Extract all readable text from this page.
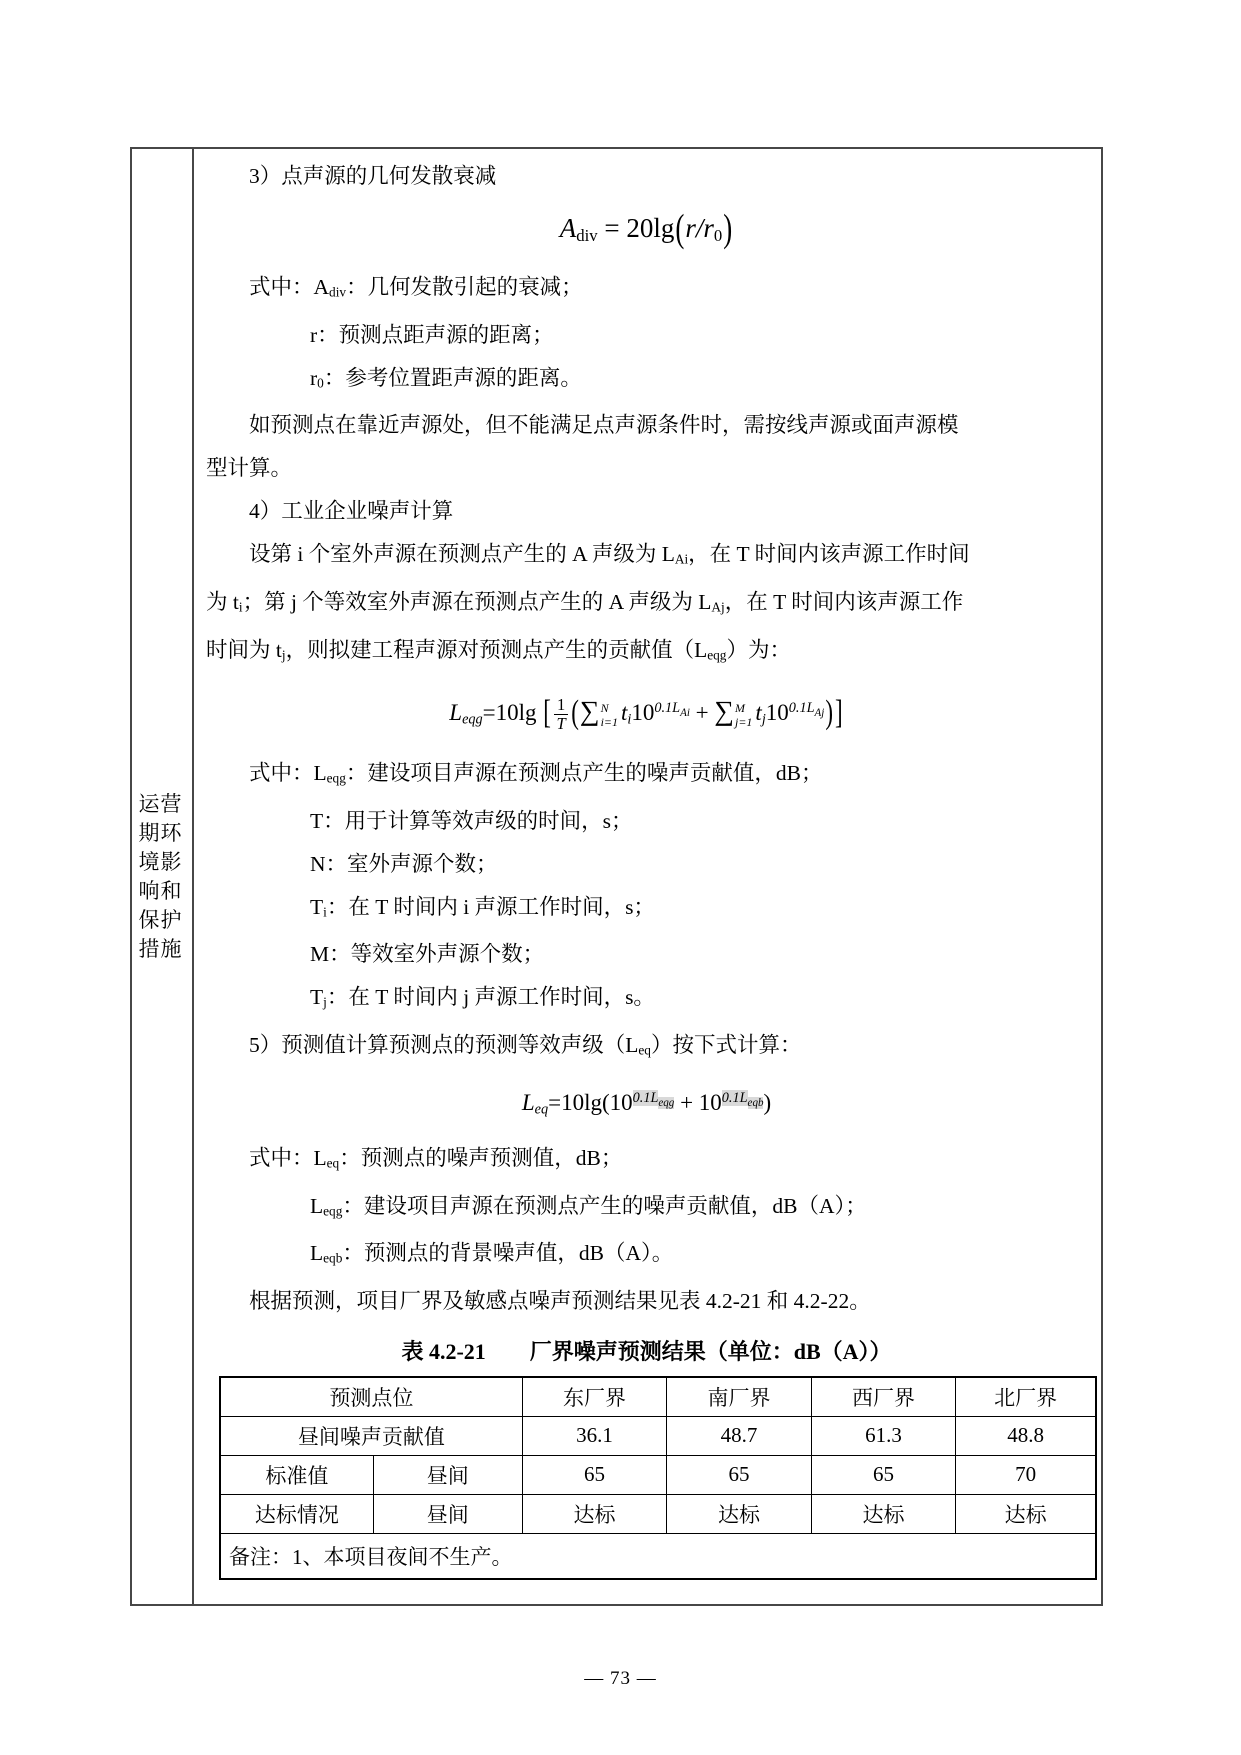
运营期环境影响和保护措施
3）点声源的几何发散衰减
Adiv = 20lg(r/r0)
式中：$A_{div}$：几何发散引起的衰减；
r：预测点距声源的距离；
$r_0$：参考位置距声源的距离。
如预测点在靠近声源处，但不能满足点声源条件时，需按线声源或面声源模
型计算。
4）工业企业噪声计算
设第 i 个室外声源在预测点产生的 A 声级为 $L_{Ai}$，在 T 时间内该声源工作时间
为 $t_i$；第 j 个等效室外声源在预测点产生的 A 声级为 $L_{Aj}$，在 T 时间内该声源工作
时间为 $t_j$，则拟建工程声源对预测点产生的贡献值$(L_{eqg})$为：
Leqg=10lg [ $\frac{1}{T}$ (∑ N
i=1 $ti10^{0.1L}Ai$ + ∑ M
j=1 $tj10^{0.1L}Aj$)]
式中：$L_{eqg}$：建设项目声源在预测点产生的噪声贡献值，dB；
T：用于计算等效声级的时间，s；
N：室外声源个数；
$T_i$：在 T 时间内 i 声源工作时间，s；
M：等效室外声源个数；
$T_j$：在 T 时间内 j 声源工作时间，s。
5）预测值计算预测点的预测等效声级$(L_{eq})$按下式计算：
$Leq=10\lg(10^{0.1L}eqg + 10^{0.1L}eqb)$
式中：$L_{eq}$：预测点的噪声预测值，dB；
$L_{eqg}$：建设项目声源在预测点产生的噪声贡献值，dB（A）；
$L_{eqb}$：预测点的背景噪声值，dB（A）。
根据预测，项目厂界及敏感点噪声预测结果见表 4.2-21 和 4.2-22。
表 4.2-21　　厂界噪声预测结果（单位：dB（A））
预测点位		东厂界	南厂界	西厂界	北厂界
昼间噪声贡献值		36.1	48.7	61.3	48.8
标准值	昼间	65	65	65	70
达标情况	昼间	达标	达标	达标	达标
备注：1、本项目夜间不生产。					
— 73 —
